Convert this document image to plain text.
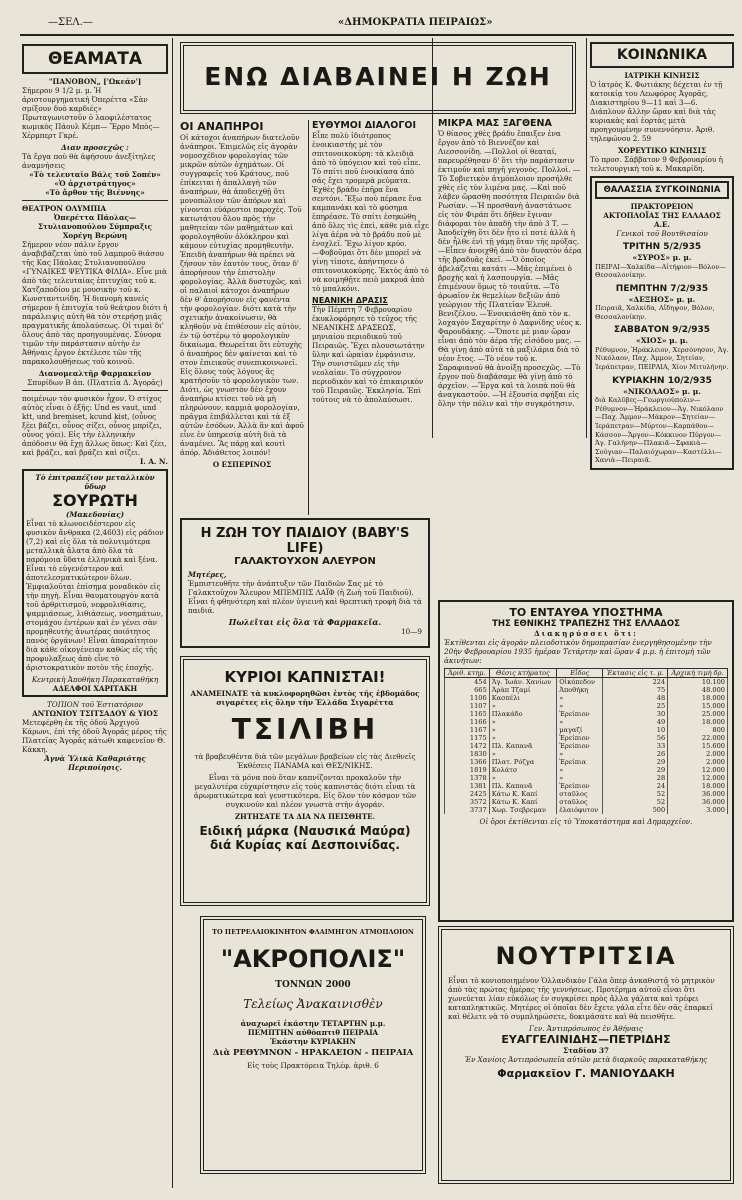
—ΣΕΛ.—	«ΔΗΜΟΚΡΑΤΙΑ ΠΕΙΡΑΙΩΣ»
ΘΕΑΜΑΤΑ
"ΠΑΝΟΒΟΝ„ ['Ωκεάν']

Σήμερον 9 1/2 μ. μ. Ἡ ἀριστουργηματική Ὀπερέττα «Σὰν σμίξουν δυὸ καρδιές» Πρωταγωνιστοῦν ὁ λαοφιλέστατος κωμικὸς Πάουλ Κέμπ— Ἕρρο Μπὸς—Χέρμπερτ Γκρέ.

Διαν προσεχῶς :

Τὰ ἔργα ποὺ θὰ ἀφήσουν ἀνεξίτηλες ἀναμνήσεις

«Τὸ τελευταῖο Βάλς τοῦ Σοπέν»

«Ὁ ἀρχιστράτηγος»

«Τὸ ἄρθον τῆς Βιέννης»

ΘΕΑΤΡΟΝ ΟΛΥΜΠΙΑ

Ὀπερέττα Πάολας—Στυλιανοπούλου Σύμπραξις Χορέγη Βερώνη

Σήμερον νέον πάλιν ἔργον ἀναβιβάζεται ὑπὸ τοῦ λαμπροῦ θιάσου τῆς Κας Πάολας Στυλιανοπούλου «ΓΥΝΑΙΚΕΣ ΨΕΥΤΙΚΑ ΦΙΛΙΑ». Εἶνε μιὰ ἀπὸ τὰς τελευταίας ἐπιτυχίας τοῦ κ. Χατζαποδίου με μουσικὴν τοῦ κ. Κωνσταντινίδη. Ἡ διανομὴ κανείς σήμερον ἡ ἐπιτυχία τοῦ θεάτρου διότι ἡ παράλειψις αὐτὴ θὰ τὸν στερήσῃ μιᾶς πραγματικῆς ἀπολαύσεως. Οἱ τιμαὶ δι' ὅλους ἀπὸ τὰς προηγουμένας. Σύνορα τιμῶν τὴν παράστασιν αὐτὴν ἐν Ἀθήναις ἔργον ἐκτέλεσε τῶν τῆς παρακολουθήσεως τοῦ κοινοῦ.

Διανομεαλτῆρ Φαρμακεῖον

Σπυρίδων Β ἀπ. (Πλατεῖα Δ. Ἀγορᾶς)

ποιμένων τὸν φυσικὸν ἦχον. Ὁ στίχος αὐτὸς εἶναι ὁ ἑξῆς: Und es vaut, und ktt, und bremiset, kcund kist, (οὗνος ξέει βάζει, οὗνος σίζει, οὗνος μπρίζει, οὗνος γόει). Εἰς τὴν ἑλληνικὴν ἀπόδοσιν θὰ ἔχῃ ἄλλως ὅπως: Καὶ ζέει, καὶ βράζει, καὶ βράζει καὶ σίζει.

Ι. Α. Ν.

Τὸ ἐπιτραπέζιον μεταλλικὸν ὕδωρ

ΣΟΥΡΩΤΗ

(Μακεδονίας)

Εἶναι τὸ κλωνοειδέστερον εἰς φυσικὸν ἄνθρακα (2,4603) εἰς ράδιον (7,2) καὶ εἰς ὅλα τὰ πολυτιμότερα μεταλλικὰ ἄλατα ἀπὸ ὅλα τὰ παρόμοια ὕδατα ἑλληνικὰ καὶ ξένα.

Εἶναι τὸ εὐγενέστερον καὶ ἀποτελεσματικώτερον ὅλων. Ἐμφιαλοῦται ἐπίσημα μοναδικὸν εἰς τὴν πηγὴ. Εἶναι θαυματουργὸν κατὰ τοῦ ἀρθριτισμοῦ, νεφρολιθίασις, ψαμμιάσεως, λιθιάσεως, νοσημάτων, στομάχου ἐντέρων καὶ ἐν γένει σὰν προμηθευτὴς ἀνωτέρας ποιότητος πανὸς ὀργάνων! Εἶναι ἀπαραίτητον διὰ κάθε οἰκογένειαν καθὼς εἰς τῆς προφυλαξεως ἀπὸ εἶνε τὸ ἀριστοκρατικὸν ποτὸν τῆς ἐποχῆς.

Κεντρικὴ Ἀποθήκη Παρακαταθήκη

ΑΔΕΛΦΟΙ ΧΑΡΙΤΑΚΗ

ΤΟΠΙΟΝ τοῦ Ἐστιατόριον

ΑΝΤΩΝΙΟΥ ΤΣΙΤΣΑΔΟΥ & ΥΙΟΣ

Μετεφέρθη ἐκ τῆς ὁδοῦ Ἀρχιγοῦ Κάρωνι, ἐπὶ τῆς ὁδοῦ Ἀγορᾶς μέρος τῆς Πλατεῖας Ἀγορᾶς κάτωθι καφενεῖον Θ. Κάκκη.

Ἀγνὰ Ὑλικὰ Καθαριότης Περιποίησις.

ΕΝΩ ΔΙΑΒΑΙΝΕΙ Η ΖΩΗ
ΟΙ ΑΝΑΠΗΡΟΙ

Οἱ κάτοχοι ἀναπήρων διατελοῦν ἀνάπηροι. Ἐπιμελῶς εἰς ἀγορὰν νομοσχέδιον φορολογίας τῶν μικρῶν αὐτῶν ὀχημάτων. Οἱ συγγραφεῖς τοῦ Κράτους, ποῦ ἐπίκειται ἡ ἀπαλλαγὴ τῶν ἀναπήρων, θὰ ἀποδειχθῇ ὅτι μονοπώλιον τῶν ἀπόρων καὶ γίνονται εὐάρεστοι παροχές. Τοῦ κατωτάτου ὅλου πρὸς τὴν μαθητείαν τῶν μαθημάτων καὶ φορολογηθοῦν ὁλόκληρον καὶ κάμουν εὐτυχίας προμηθευτὴν. Ἐπειδὴ ἀναπήρων θὰ πρέπει νὰ ζήσουν τὸν ἑαυτὸν τους, ὅταν δ' ἀπορήσουν τὴν ἐπιστολὴν φορολογίας. Ἀλλὰ δυστυχῶς, καὶ οἱ παλαιοὶ κάτοχοι ἀναπήρων δὲν θ' ἀπορήσουν εἰς φανέντα τὴν φορολογίαν. διότι κατὰ τὴν σχετικὴν ἀνακοίνωσιν, θὰ κληθοῦν νὰ ἐπιθέσουν εἰς αὐτὸν, ἐν τῷ ὑστέρῳ τὸ φορολογικὸν δικαίωμα. Θεωρεῖται ὅτι εὐτυχὴς ὁ ἀναπήρος δὲν φαίνεται καὶ τὸ στον ἐπιεικοῦς συνεπικοινωνεῖ. Εἰς ὅλους τοὺς λόγους ἂς κρατήσοῦν τὸ φορολογικὸν των. Διότι, ὡς γνωστὸν δὲν ἔχουν ἀναπήρω κτίσει τοῦ νὰ μὴ πληρώνουν, καμμιὰ φορολογίαν, πρᾶγμα ἐπιβάλλεται καὶ τὰ ἐξ αὐτῶν ἐσόδων. Ἀλλὰ ἂν καὶ ἀφοῦ εἶνε ἐν ὑπηρεσίᾳ αὐτὴ διὰ τὰ ἀναμένει. Ἂς πάρῃ καὶ κουτὶ ἀπόρ. Ἀδιάθετος λοιπόν!

Ο ΕΣΠΕΡΙΝΟΣ

ΕΥΘΥΜΟΙ ΔΙΑΛΟΓΟΙ

Εἶπε πολὺ ἰδιότροπος ἐνοικιαστὴς μὲ τὸν σπιτονοικοκύρη: τὰ κλειδιὰ ἀπὸ τὸ ὑπόγειον καὶ τοῦ εἶπε. Τὸ σπίτι ποῦ ἐνοικίασα ἀπὸ σᾶς ἔχει τρομερὰ ρεύματα. Ἐχθὲς βράδυ ἐπῆρα ἕνα σεντόνι. Ἔξω ποὺ πέρασε ἕνα καμπανάκι καὶ τὸ φύσημα ἐπηρέασε. Τὸ σπίτι ἐσηκώθη ἀπὸ ὅλες τὶς ἐπεὶ, κάθε μιὰ εἶχε λίγα ἀέρα νὰ τὸ βράδυ ποῦ μὲ ἐνοχλεῖ. Ἔχω λίγον κρύο.

—Φοβοῦμαι ὅτι δὲν μπορεῖ νὰ γίνῃ τίποτε, ἀπήντησεν ὁ σπιτονοικοκύρης. Ἐκτὸς ἀπὸ τὸ νὰ κοιμηθῇτε πειὸ μακρυά ἀπὸ τὸ μπαλκόνι.

ΝΕΑΝΙΚΗ ΔΡΑΣΙΣ

Τὴν Πέμπτη 7 Φεβρουαρίου ἐκυκλοφόρησε τὸ τεῦχος τῆς ΝΕΑΝΙΚΗΣ ΔΡΑΣΕΩΣ, μηνιαίου περιοδικοῦ τοῦ Πειραιῶς. Ἔχει πλουσιωτάτην ὕλην καὶ ὡραίαν ἐμφάνισιν. Τὴν συνιστῶμεν εἰς τὴν νεολαίαν. Τὸ σύγχρονον περιοδικὸν καὶ τὸ ἐπικαιρικὸν τοῦ Πειραιῶς. Ἐκκλησία. Ἐπὶ τούτοις νὰ τὸ ἀπολαύσωσι.

Η ΖΩΗ ΤΟΥ ΠΑΙΔΙΟΥ (BABY'S LIFE)
ΓΑΛΑΚΤΟΥΧΟΝ ΑΛΕΥΡΟΝ

Μητέρες,

Ἐμπιστευθῆτε τὴν ἀνάπτυξιν τῶν Παιδιῶν Σας μὲ τὸ Γαλακτοῦχον Ἄλευρον ΜΠΕΜΠΙΣ ΛΑΪΦ (ἡ Ζωὴ τοῦ Παιδιοῦ). Εἶναι ἡ φθηνότερη καὶ πλέον ὑγιεινὴ καὶ θρεπτικὴ τροφὴ διὰ τὰ παιδιά.

Πωλεῖται εἰς ὅλα τὰ Φαρμακεῖα.

10—9

ΚΥΡΙΟΙ ΚΑΠΝΙΣΤΑΙ!

ΑΝΑΜΕΙΝΑΤΕ τὰ κυκλοφορηθῶσι ἐντὸς τῆς ἑβδομάδος σιγαρέτες εἰς ὅλην τὴν Ἑλλάδα Σιγαρέττα

ΤΣΙΛΙΒΗ

τὰ βραβευθέντα διὰ τῶν μεγάλων βραβείων εἰς τὰς Διεθνεῖς Ἐκθέσεις ΠΑΝΑΜΑ καὶ ΘΕΣ/ΝΙΚΗΣ.

Εἶναι τὰ μόνα ποὺ ὅταν καπνίζονται προκαλοῦν τὴν μεγαλυτέρα εὐχαρίστησιν εἰς τοὺς καπνιστὰς διότι εἶναι τὰ ἀρωματικώτερα καὶ γευστικότερα. Εἰς ὅλον τὸν κόσμον τῶν συγκινούν καὶ πλέον γνωστὰ στὴν ἀγοράν.

ΖΗΤΗΣΑΤΕ ΤΑ ΔΙΑ ΝΑ ΠΕΙΣΘΗΤΕ.

Ειδική μάρκα (Ναυσικά Μαύρα) διά Κυρίας καί Δεσποινίδας.

ΤΟ ΠΕΤΡΕΛΑΙΟΚΙΝΗΤΟΝ ΦΛΑΙΜΗΓΟΝ ΑΤΜΟΠΛΟΙΟΝ

"ΑΚΡΟΠΟΛΙΣ"

ΤΟΝΝΩΝ 2000

Τελείως Ἀνακαινισθὲν

ἀναχωρεῖ ἐκάστην ΤΕΤΑΡΤΗΝ μ.μ.

ΠΕΜΠΤΗΝ αὐθόαπτιθ ΠΕΙΡΑΙΑ

Ἐκάστην ΚΥΡΙΑΚΗΝ

Διὰ ΡΕΘΥΜΝΟΝ - ΗΡΑΚΛΕΙΟΝ - ΠΕΙΡΑΙΑ

Εἰς τοὺς Πρακτόρεια Τηλέφ. ἀριθ. 6

ΜΙΚΡΑ ΜΑΣ ΞΑΓΘΕΝΑ

Ὁ θίασος χθὲς βράδυ ἔπαιξεν ἐνα ἔργον ἀπὸ τὸ Βιεννέζον καὶ Λιεσσονίδη. —Πολλοὶ οἱ θεαταί, παρευρέθησαν δ' ὅτι τὴν παράστασιν ἐκτιμοῦν καὶ πηγῆ γεγονὸς. Πολλοὶ. —Τὸ Σοβιετικὸν ἀτμόπλοιον προσήλθε χθὲς εἰς τὸν λιμένα μας. —Καὶ ποῦ λάβεν ὥρασθη ποσότητα Πειραιῶν διὰ Ρωσίαν. —Ἡ προσθανὴ ἀναστάτωσε εἰς τὸν Φιράπ ὅτι δῆθεν ἔγιναν διάφοραι τὸν ἀπαδὴ τὴν ἀπὸ 3 Τ. —Ἀποδείχθη ὅτι δὲν ἦτο εἰ ποτὲ ἀλλὰ ἡ δὲν ἦλθε ἐνὶ τῇ γάμῃ ὅταν τῆς πρύξας. —Εἶπεν ἀνοιχθῆ ἀπὸ τὸν δυνατὸν ἀέρα τῆς βραδυᾶς ἐκεῖ. —Ὁ ὁποῖος ἀβελάζεται κατάτι —Μᾶς ἐπιμένει ὁ βροχὴς καὶ ἡ λασπουργία. —Μᾶς ἐπιμένουν ὅμως τὸ τοιαῦτα. —Τὸ ἀρωαῖον ἐκ θεμελίων δεξιῶν ἀπὸ γεώργιον τῆς Πλατεῖαν Ἐλευθ. Βενιζέλου. —Ἐνοικιάσθη ἀπὸ τὸν κ. λοχαγὸν Σαχαρίτην ὁ Δαφνίδης νέος κ. Φαρουδάκης. —Ὅποτε μὲ μιαν ὥραν εἶναι ἀπὸ τὸν ἀέρα τῆς εἰσόδου μας. —Θὰ γίνῃ ἀπὸ αὐτὰ τὰ μαξιλάρια διὰ τὸ νέον ἔτος. —Τὸ νέον τοῦ κ. Σαραφιανοῦ θὰ ἀνοίξῃ προσεχῶς. —Τὸ ἔργον ποῦ διαβάσαμε θὰ γίνῃ ἀπὸ τὸ ἀρχεῖον. —Ἔργα καὶ τὰ λοιπὰ ποῦ θὰ ἀναγκαστοῦν. —Ἡ ἐξουσία σφήξαι εἰς ὅλην τὴν πόλιν καὶ τὴν συγκρότησιν.

ΚΟΙΝΩΝΙΚΑ

ΙΑΤΡΙΚΗ ΚΙΝΗΣΙΣ

Ὁ ἰατρὸς Κ. Φωτιάκης δέχεται ἐν τῇ κατοικίᾳ του Λεωφόρος Ἀγορᾶς, Διακιστηρίου 9—11 καὶ 3—6. Διάπλουν ἄλλην ὥραν καὶ διὰ τὰς κυριακὰς καὶ ἑορτὰς μετὰ προηγουμένην συνεννόησιν. Ἀριθ. τηλεφώνου 2. 59

ΧΟΡΕΥΤΙΚΟ ΚΙΝΗΣΙΣ

Τὸ προσ. Σάββατον 9 Φεβρουαρίου ἡ τελετουργικὴ τοῦ κ. Μακαρίδη.

ΘΑΛΑΣΣΙΑ ΣΥΓΚΟΙΝΩΝΙΑ

ΠΡΑΚΤΟΡΕΙΟΝ

ΑΚΤΟΠΛΟΪΑΣ ΤΗΣ ΕΛΛΑΔΟΣ Α.Ε.

Γενικοὶ τοῦ Βουτθισαίου

ΤΡΙΤΗΝ 5/2/935

«ΣΥΡΟΣ» μ. μ.

ΠΕΙΡΑΙ—Χαλκίδα—Αἰτήφιον—Βόλον—Θεσσαλονίκην.

ΠΕΜΠΤΗΝ 7/2/935

«ΔΕΞΗΟΣ» μ. μ.

Πειραιᾶ, Χαλκίδα, Αἴδηψον, Βόλον, Θεσσαλονίκην.

ΣΑΒΒΑΤΟΝ 9/2/935

«ΧΙΟΣ» μ. μ.

Ρέθυμνον, Ἡράκλειον, Χερσόνησον, Ἁγ. Νικόλαον, Παχ. Ἀμμον, Σητείαν, Ἱεράπετραν, ΠΕΙΡΑΙΑ, Χίον Μιτυλήνην.

ΚΥΡΙΑΚΗΝ 10/2/935

«ΝΙΚΟΛΑΟΣ» μ. μ.

διὰ Καλῦβες—Γεωργιούπολιν—Ρέθυμνον—Ἡράκλειον—Ἁγ. Νικόλαον—Παχ. Ἄμμον—Μάκρον—Σητείαν—Ἱεράπετραν—Μύρτον—Καρπάθου—Κάσσον—Ἄργον—Κόκκινον Πύργον—Ἁγ. Γαλήνην—Πλακιᾶ—Σφακιὰ—Σούγιαν—Παλαιόχωραν—Καστέλλι—Χανιὰ—Πειραιᾶ.

ΤΟ ΕΝΤΑΥΘΑ ΥΠΟΣΤΗΜΑ
ΤΗΣ ΕΘΝΙΚΗΣ ΤΡΑΠΕΖΗΣ ΤΗΣ ΕΛΛΑΔΟΣ

Διακηρύσσει ὅτι:

Ἐκτίθενται εἰς ἀγορὰν πλειοδοτικὸν δημοπρασίαν ἐνεργηθησομένην τὴν 20ὴν Φεβρουαρίου 1935 ἡμέραν Τετάρτην καὶ ὥραν 4 μ.μ. ἡ ἐπιτομὴ τῶν ἀκινήτων:

Ἀριθ. κτημ.	Θέσις κτήματος	Εἶδος	Ἐκτασις εἰς τ. μ.	Ἀρχικὴ τιμὴ δρ.
454	Ἁγ. Ἰωάν. Χανίων	Οἰκόπεδον	224	10.100
665	Ἀρὰπ Τζαμί	Ἀποθήκη	75	48.000
1106	Κασπέλι	»	48	18.000
1107	»	»	25	15.000
1165	Πλακάδο	Ἐρείπιον	30	25.000
1166	»	»	49	18.000
1167	»	μαγαζί	10	800
1175	»	Ἐρείπιον	56	22.000
1472	Πλ. Καπανᾶ	Ἐρείπιον	33	15.600
1830	»	»	26	2.000
1366	Πλατ. Ρόζγα	Ἐρείπια	29	2.000
1819	Κολάτσ	»	29	12.000
1378	»	»	28	12.000
1381	Πλ. Καπανᾶ	Ἐρείπιον	24	18.000
2425	Κάτω Κ. Καπί	σταῦλος	52	36.000
3572	Κάτω Κ. Καπί	σταῦλος	52	36.000
3737	Χωρ. Τσεβρεμαν	ἐλαιόφυτον	500	3.000

Οἱ ὅροι ἐκτίθενται εἰς τὸ Ὑποκατάστημα καὶ Δημαρχεῖον.

ΝΟΥΤΡΙΤΣΙΑ

Εἶναι τὸ κονιοποιημένον Ὁλλανδικὸν Γάλα ὅπερ ἀνκαθιστᾷ τὸ μητρικὸν ἀπὸ τὰς πρώτας ἡμέρας τῆς γεννήσεως. Προτέρημα αὐτοῦ εἶναι ὅτι χωνεύεται λίαν εὐκόλως ἐν συγκρίσει πρὸς ἄλλα γάλατα καὶ τρέφει καταπληκτικῶς. Μητέρες οἱ ὁποῖαι δὲν ἔχετε γάλα εἶτε δὲν σᾶς ἐπαρκεῖ καὶ θέλετε νὰ τὸ συμπληρώσετε, δοκιμάσατε καὶ θὰ πεισθῆτε.

Γεν. Ἀντιπρόσωπος ἐν Ἀθήναις

ΕΥΑΓΓΕΛΙΝΙΔΗΣ—ΠΕΤΡΙΔΗΣ

Σταδίου 37

Ἐν Χανίοις Ἀντιπρόσωπεῖα αὐτῶν μετὰ διαρκοῦς παρακαταθήκης

Φαρμακεῖον Γ. ΜΑΝΙΟΥΔΑΚΗ
